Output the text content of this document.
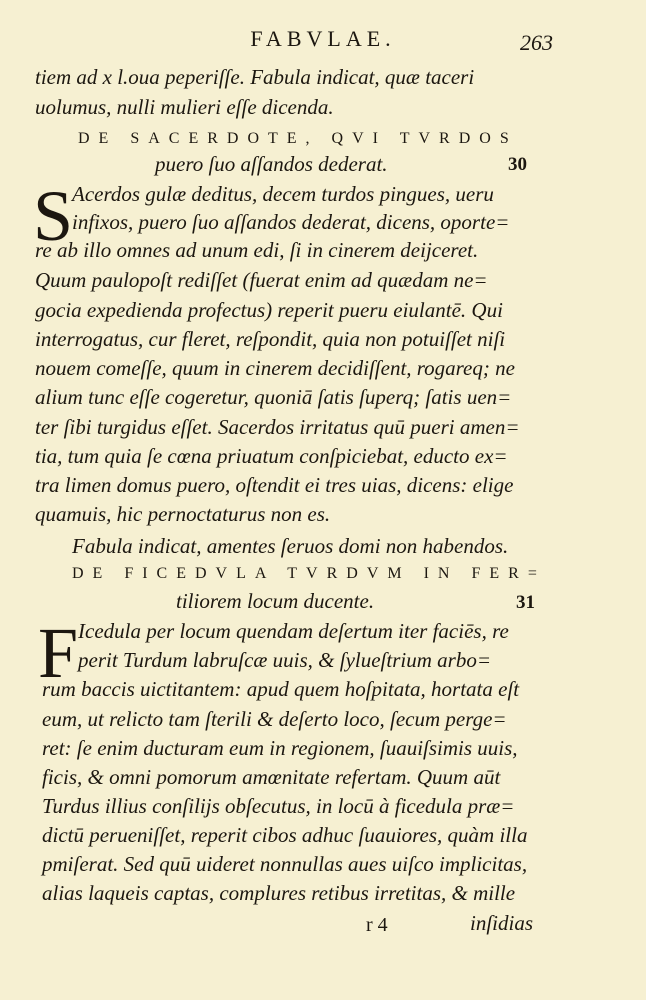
FABVLAE.	263
tiem ad x l.oua peperiſſe. Fabula indicat, quæ taceri
uolumus, nulli mulieri eſſe dicenda.
DE SACERDOTE, QVI TVRDOS
puero ſuo aſſandos dederat.	30
S
Acerdos gulæ deditus, decem turdos pingues, ueru
infixos, puero ſuo aſſandos dederat, dicens, oporte=
re ab illo omnes ad unum edi, ſi in cinerem deijceret.
Quum paulopoſt rediſſet (fuerat enim ad quædam ne=
gocia expedienda profectus) reperit pueru eiulantē. Qui
interrogatus, cur fleret, reſpondit, quia non potuiſſet niſi
nouem comeſſe, quum in cinerem decidiſſent, rogareq; ne
alium tunc eſſe cogeretur, quoniā ſatis ſuperq; ſatis uen=
ter ſibi turgidus eſſet. Sacerdos irritatus quū pueri amen=
tia, tum quia ſe cœna priuatum conſpiciebat, educto ex=
tra limen domus puero, oſtendit ei tres uias, dicens: elige
quamuis, hic pernoctaturus non es.
Fabula indicat, amentes ſeruos domi non habendos.
DE FICEDVLA TVRDVM IN FER=
tiliorem locum ducente.	31
F Icedula per locum quendam deſertum iter faciēs, re
perit Turdum labruſcæ uuis, & ſylueſtrium arbo=
rum baccis uictitantem: apud quem hoſpitata, hortata eſt
eum, ut relicto tam ſterili & deſerto loco, ſecum perge=
ret: ſe enim ducturam eum in regionem, ſuauiſsimis uuis,
ficis, & omni pomorum amœnitate refertam. Quum aūt
Turdus illius conſilijs obſecutus, in locū à ficedula præ=
dictū perueniſſet, reperit cibos adhuc ſuauiores, quàm illa
pmiſerat. Sed quū uideret nonnullas aues uiſco implicitas,
alias laqueis captas, complures retibus irretitas, & mille
r 4	inſidias
